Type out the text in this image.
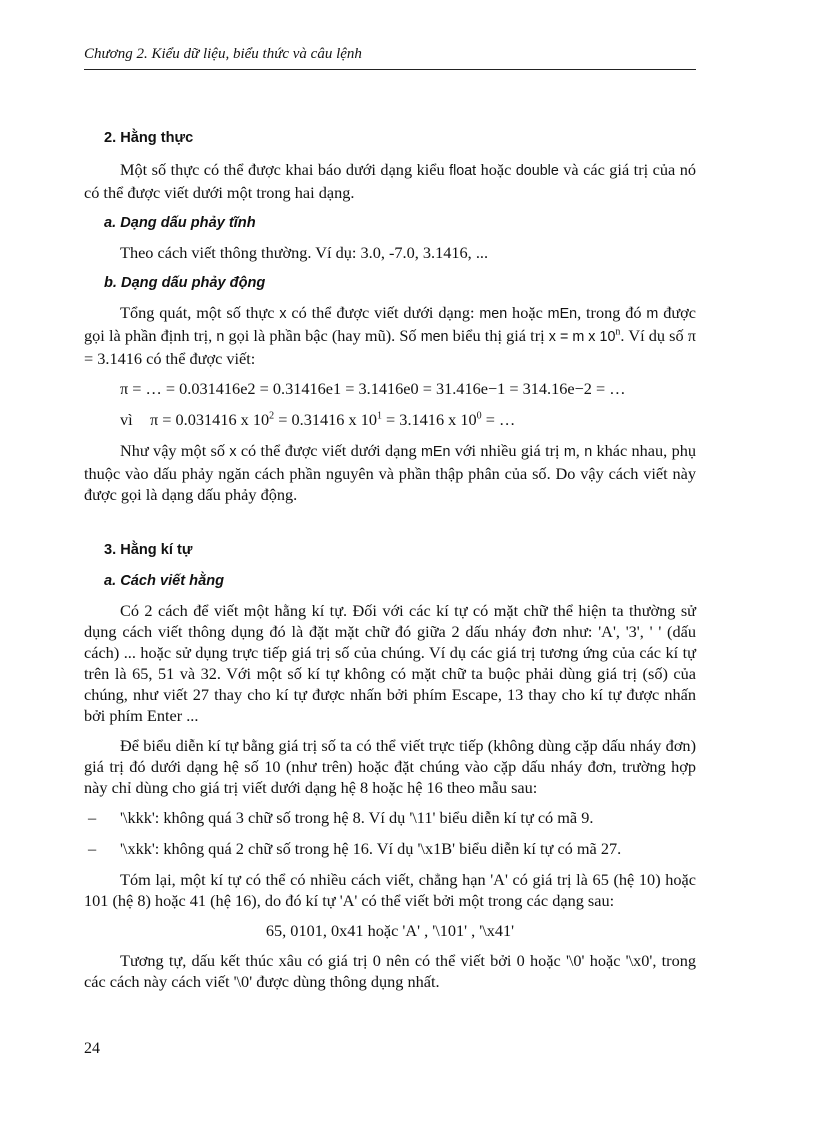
Chương 2. Kiểu dữ liệu, biểu thức và câu lệnh
2. Hằng thực

Một số thực có thể được khai báo dưới dạng kiểu float hoặc double và các giá trị của nó có thể được viết dưới một trong hai dạng.

a. Dạng dấu phảy tĩnh

Theo cách viết thông thường. Ví dụ: 3.0, -7.0, 3.1416, ...

b. Dạng dấu phảy động

Tổng quát, một số thực x có thể được viết dưới dạng: men hoặc mEn, trong đó m được gọi là phần định trị, n gọi là phần bậc (hay mũ). Số men biểu thị giá trị x = m x 10$^n$. Ví dụ số π = 3.1416 có thể được viết:

π = … = 0.031416e2 = 0.31416e1 = 3.1416e0 = 31.416e−1 = 314.16e−2 = …
vì π = 0.031416 x $10^2 = 0.31416$ x $10^1 = 3.1416$ x $10^0$ = …

Như vậy một số x có thể được viết dưới dạng mEn với nhiều giá trị m, n khác nhau, phụ thuộc vào dấu phảy ngăn cách phần nguyên và phần thập phân của số. Do vậy cách viết này được gọi là dạng dấu phảy động.

3. Hằng kí tự
a. Cách viết hằng

Có 2 cách để viết một hằng kí tự. Đối với các kí tự có mặt chữ thể hiện ta thường sử dụng cách viết thông dụng đó là đặt mặt chữ đó giữa 2 dấu nháy đơn như: 'A', '3', ' ' (dấu cách) ... hoặc sử dụng trực tiếp giá trị số của chúng. Ví dụ các giá trị tương ứng của các kí tự trên là 65, 51 và 32. Với một số kí tự không có mặt chữ ta buộc phải dùng giá trị (số) của chúng, như viết 27 thay cho kí tự được nhấn bởi phím Escape, 13 thay cho kí tự được nhấn bởi phím Enter ...

Để biểu diễn kí tự bằng giá trị số ta có thể viết trực tiếp (không dùng cặp dấu nháy đơn) giá trị đó dưới dạng hệ số 10 (như trên) hoặc đặt chúng vào cặp dấu nháy đơn, trường hợp này chỉ dùng cho giá trị viết dưới dạng hệ 8 hoặc hệ 16 theo mẫu sau:

–	'\kkk': không quá 3 chữ số trong hệ 8. Ví dụ '\11' biểu diễn kí tự có mã 9.
–	'\xkk': không quá 2 chữ số trong hệ 16. Ví dụ '\x1B' biểu diễn kí tự có mã 27.

Tóm lại, một kí tự có thể có nhiều cách viết, chẳng hạn 'A' có giá trị là 65 (hệ 10) hoặc 101 (hệ 8) hoặc 41 (hệ 16), do đó kí tự 'A' có thể viết bởi một trong các dạng sau:

65, 0101, 0x41 hoặc 'A' , '\101' , '\x41'

Tương tự, dấu kết thúc xâu có giá trị 0 nên có thể viết bởi 0 hoặc '\0' hoặc '\x0', trong các cách này cách viết '\0' được dùng thông dụng nhất.

24
